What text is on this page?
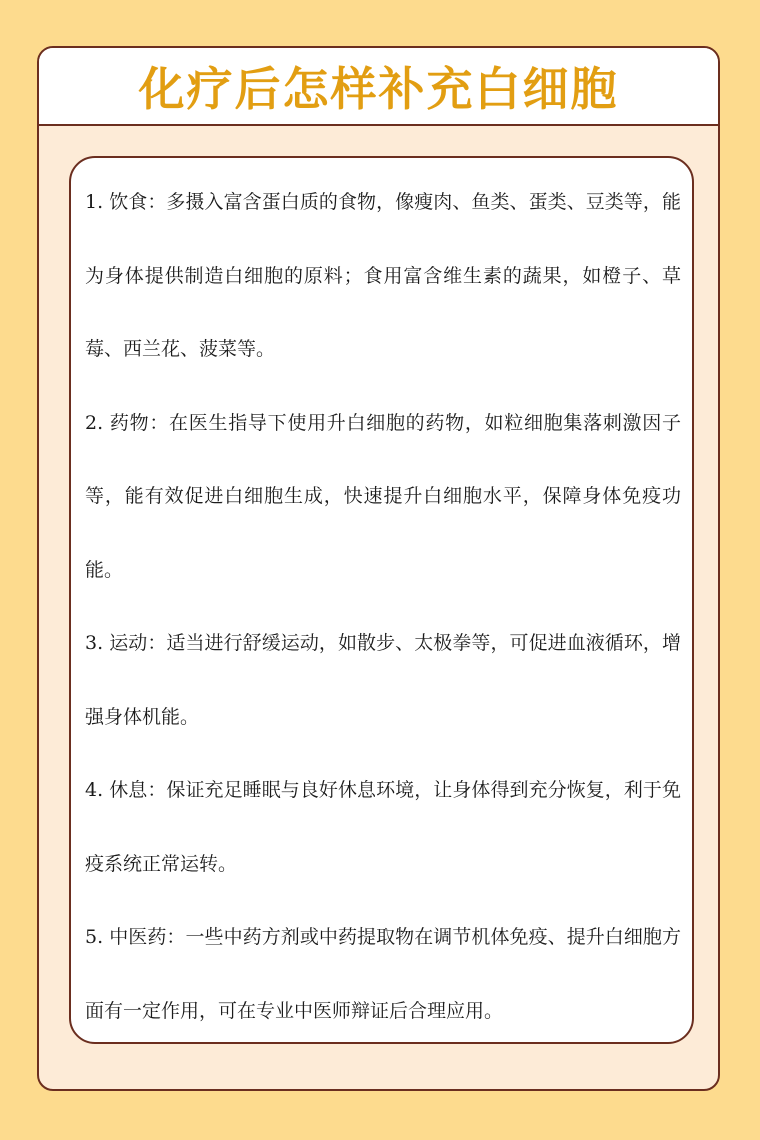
化疗后怎样补充白细胞
1. 饮食：多摄入富含蛋白质的食物，像瘦肉、鱼类、蛋类、豆类等，能为身体提供制造白细胞的原料；食用富含维生素的蔬果，如橙子、草莓、西兰花、菠菜等。
2. 药物：在医生指导下使用升白细胞的药物，如粒细胞集落刺激因子等，能有效促进白细胞生成，快速提升白细胞水平，保障身体免疫功能。
3. 运动：适当进行舒缓运动，如散步、太极拳等，可促进血液循环，增强身体机能。
4. 休息：保证充足睡眠与良好休息环境，让身体得到充分恢复，利于免疫系统正常运转。
5. 中医药：一些中药方剂或中药提取物在调节机体免疫、提升白细胞方面有一定作用，可在专业中医师辩证后合理应用。
